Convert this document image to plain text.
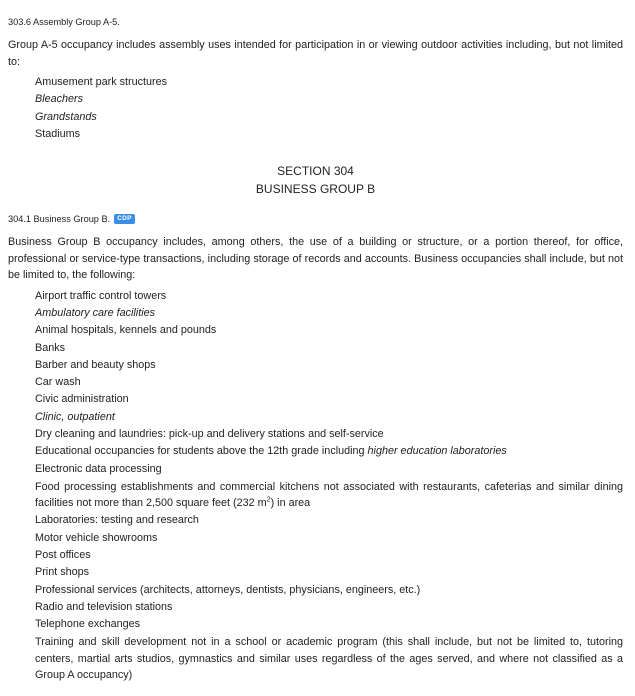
303.6 Assembly Group A-5.

Group A-5 occupancy includes assembly uses intended for participation in or viewing outdoor activities including, but not limited to:

Amusement park structures
Bleachers
Grandstands
Stadiums
SECTION 304
BUSINESS GROUP B
304.1 Business Group B.	CDP

Business Group B occupancy includes, among others, the use of a building or structure, or a portion thereof, for office, professional or service-type transactions, including storage of records and accounts. Business occupancies shall include, but not be limited to, the following:

Airport traffic control towers
Ambulatory care facilities
Animal hospitals, kennels and pounds
Banks
Barber and beauty shops
Car wash
Civic administration
Clinic, outpatient
Dry cleaning and laundries: pick-up and delivery stations and self-service
Educational occupancies for students above the 12th grade including higher education laboratories
Electronic data processing
Food processing establishments and commercial kitchens not associated with restaurants, cafeterias and similar dining facilities not more than 2,500 square feet (232 $m^2$) in area
Laboratories: testing and research
Motor vehicle showrooms
Post offices
Print shops
Professional services (architects, attorneys, dentists, physicians, engineers, etc.)
Radio and television stations
Telephone exchanges
Training and skill development not in a school or academic program (this shall include, but not be limited to, tutoring centers, martial arts studios, gymnastics and similar uses regardless of the ages served, and where not classified as a Group A occupancy)
